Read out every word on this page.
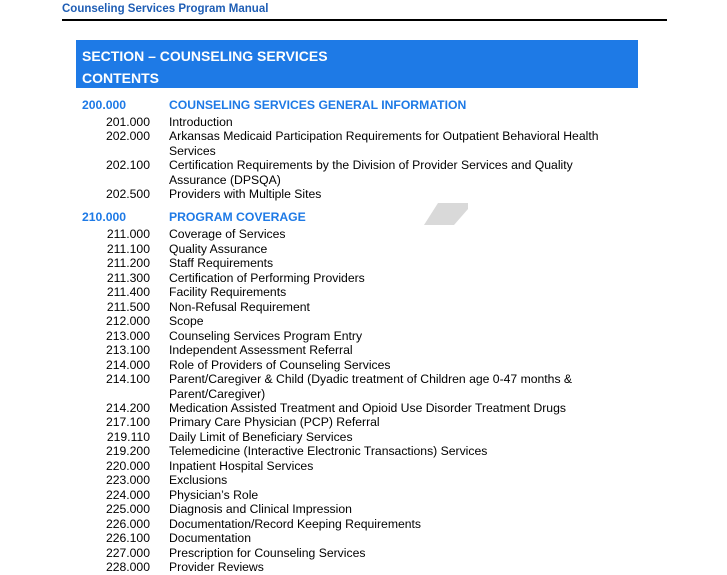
Counseling Services Program Manual
SECTION – COUNSELING SERVICES
CONTENTS
200.000	COUNSELING SERVICES GENERAL INFORMATION
201.000 Introduction
202.000 Arkansas Medicaid Participation Requirements for Outpatient Behavioral Health Services
202.100 Certification Requirements by the Division of Provider Services and Quality Assurance (DPSQA)
202.500 Providers with Multiple Sites
210.000	PROGRAM COVERAGE
211.000 Coverage of Services
211.100 Quality Assurance
211.200 Staff Requirements
211.300 Certification of Performing Providers
211.400 Facility Requirements
211.500 Non-Refusal Requirement
212.000 Scope
213.000 Counseling Services Program Entry
213.100 Independent Assessment Referral
214.000 Role of Providers of Counseling Services
214.100 Parent/Caregiver & Child (Dyadic treatment of Children age 0-47 months & Parent/Caregiver)
214.200 Medication Assisted Treatment and Opioid Use Disorder Treatment Drugs
217.100 Primary Care Physician (PCP) Referral
219.110 Daily Limit of Beneficiary Services
219.200 Telemedicine (Interactive Electronic Transactions) Services
220.000 Inpatient Hospital Services
223.000 Exclusions
224.000 Physician’s Role
225.000 Diagnosis and Clinical Impression
226.000 Documentation/Record Keeping Requirements
226.100 Documentation
227.000 Prescription for Counseling Services
228.000 Provider Reviews
